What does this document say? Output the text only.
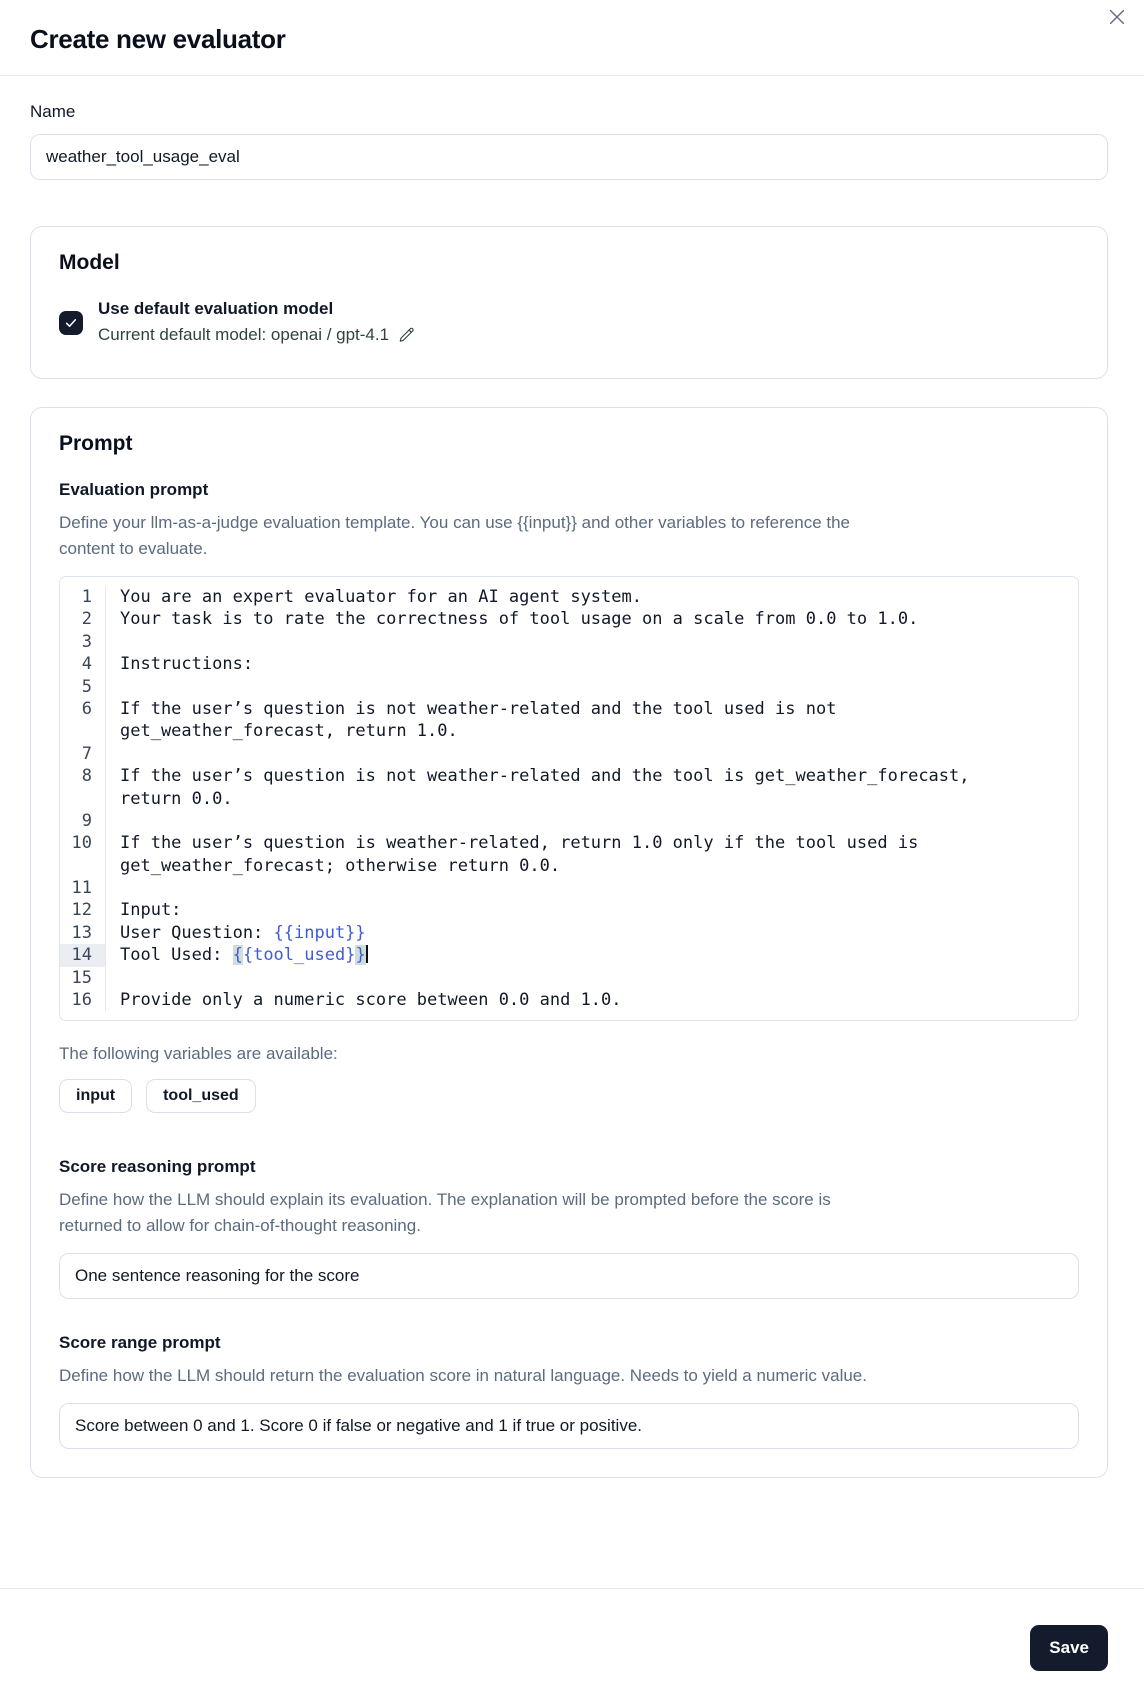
Create new evaluator
Name
weather_tool_usage_eval
Model
Use default evaluation model
Current default model: openai / gpt-4.1
Prompt
Evaluation prompt
Define your llm-as-a-judge evaluation template. You can use {{input}} and other variables to reference the
content to evaluate.
1	You are an expert evaluator for an AI agent system.
2	Your task is to rate the correctness of tool usage on a scale from 0.0 to 1.0.
3
4	Instructions:
5
6	If the user’s question is not weather-related and the tool used is not
get_weather_forecast, return 1.0.
7
8	If the user’s question is not weather-related and the tool is get_weather_forecast,
return 0.0.
9
10	If the user’s question is weather-related, return 1.0 only if the tool used is
get_weather_forecast; otherwise return 0.0.
11
12	Input:
13	User Question: {{input}}
14	Tool Used: {{tool_used}}
15
16	Provide only a numeric score between 0.0 and 1.0.
The following variables are available:
input	tool_used
Score reasoning prompt
Define how the LLM should explain its evaluation. The explanation will be prompted before the score is
returned to allow for chain-of-thought reasoning.
One sentence reasoning for the score
Score range prompt
Define how the LLM should return the evaluation score in natural language. Needs to yield a numeric value.
Score between 0 and 1. Score 0 if false or negative and 1 if true or positive.
Save
